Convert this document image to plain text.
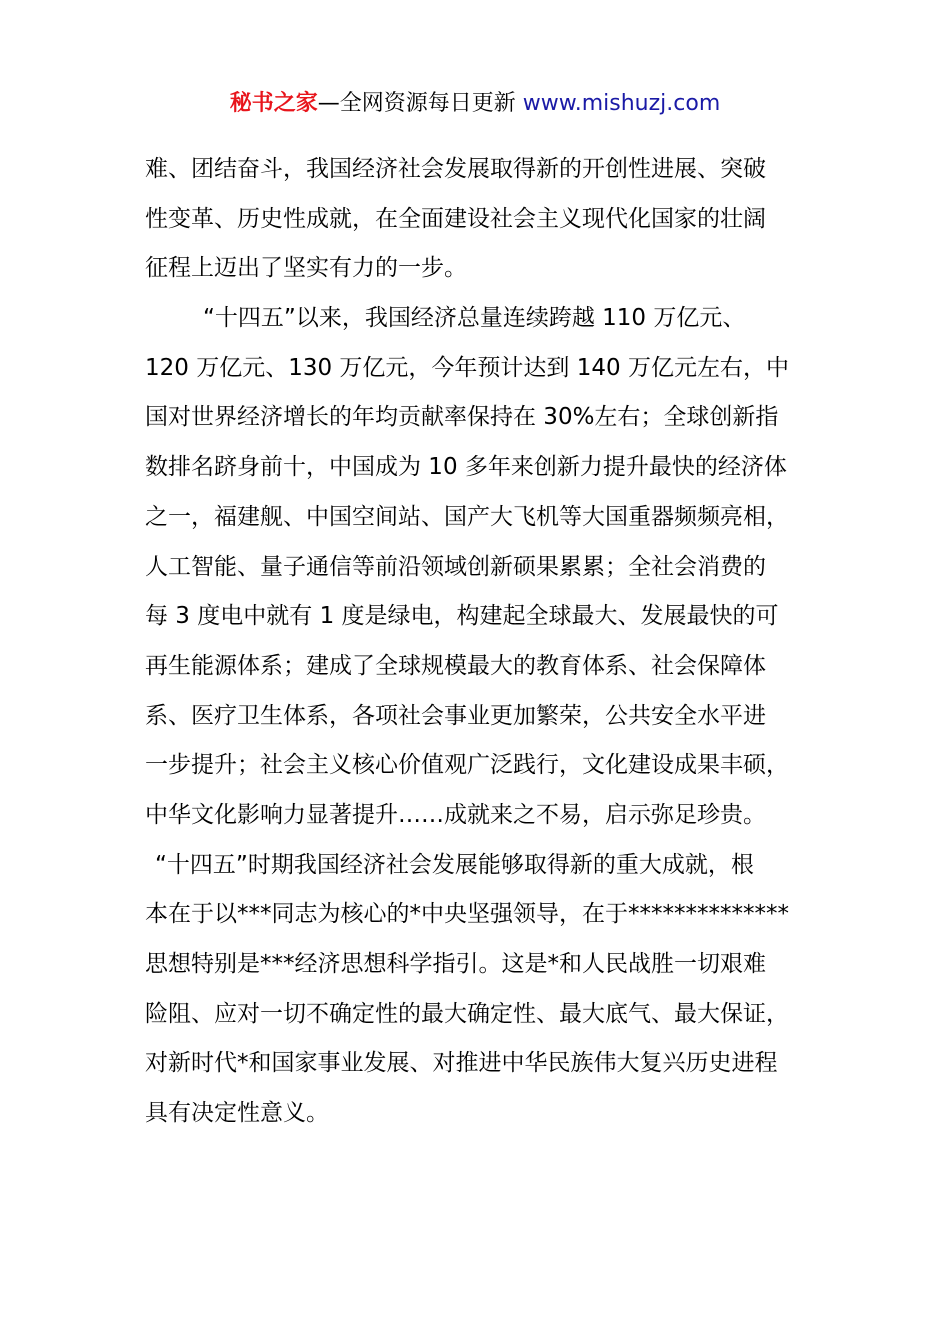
秘书之家—全网资源每日更新 www.mishuzj.com
难、团结奋斗，我国经济社会发展取得新的开创性进展、突破
性变革、历史性成就，在全面建设社会主义现代化国家的壮阔
征程上迈出了坚实有力的一步。
“十四五”以来，我国经济总量连续跨越 110 万亿元、
120 万亿元、130 万亿元，今年预计达到 140 万亿元左右，中
国对世界经济增长的年均贡献率保持在 30%左右；全球创新指
数排名跻身前十，中国成为 10 多年来创新力提升最快的经济体
之一，福建舰、中国空间站、国产大飞机等大国重器频频亮相，
人工智能、量子通信等前沿领域创新硕果累累；全社会消费的
每 3 度电中就有 1 度是绿电，构建起全球最大、发展最快的可
再生能源体系；建成了全球规模最大的教育体系、社会保障体
系、医疗卫生体系，各项社会事业更加繁荣，公共安全水平进
一步提升；社会主义核心价值观广泛践行，文化建设成果丰硕，
中华文化影响力显著提升……成就来之不易，启示弥足珍贵。
“十四五”时期我国经济社会发展能够取得新的重大成就，根
本在于以***同志为核心的*中央坚强领导，在于**************
思想特别是***经济思想科学指引。这是*和人民战胜一切艰难
险阻、应对一切不确定性的最大确定性、最大底气、最大保证，
对新时代*和国家事业发展、对推进中华民族伟大复兴历史进程
具有决定性意义。
